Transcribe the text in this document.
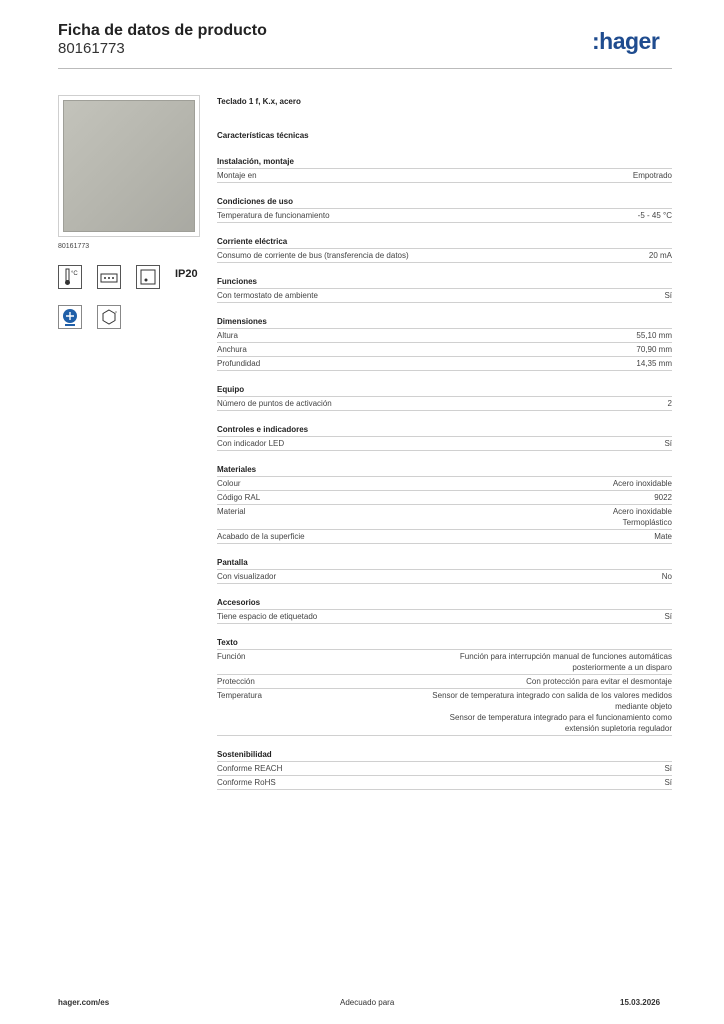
Ficha de datos de producto
80161773	:hager
80161773
°C	IP20
°
Teclado 1 f, K.x, acero
Características técnicas
Instalación, montaje
Montaje en	Empotrado
Condiciones de uso
Temperatura de funcionamiento	-5 - 45 °C
Corriente eléctrica
Consumo de corriente de bus (transferencia de datos)	20 mA
Funciones
Con termostato de ambiente	Sí
Dimensiones
Altura	55,10 mm
Anchura	70,90 mm
Profundidad	14,35 mm
Equipo
Número de puntos de activación	2
Controles e indicadores
Con indicador LED	Sí
Materiales
Colour	Acero inoxidable
Código RAL	9022
Material	Acero inoxidable
Termoplástico
Acabado de la superficie	Mate
Pantalla
Con visualizador	No
Accesorios
Tiene espacio de etiquetado	Sí
Texto
Función	Función para interrupción manual de funciones automáticas posteriormente a un disparo
Protección	Con protección para evitar el desmontaje
Temperatura	Sensor de temperatura integrado con salida de los valores medidos mediante objeto
Sensor de temperatura integrado para el funcionamiento como extensión supletoria regulador
Sostenibilidad
Conforme REACH	Sí
Conforme RoHS	Sí
hager.com/es	Adecuado para	15.03.2026
